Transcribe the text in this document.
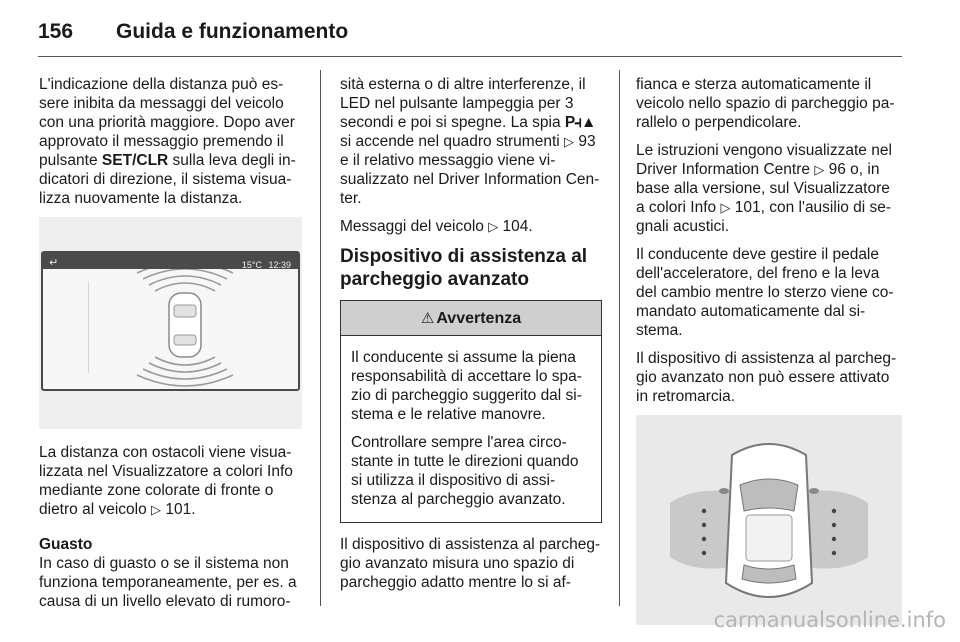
156	Guida e funzionamento

L'indicazione della distanza può es-sere inibita da messaggi del veicolo con una priorità maggiore. Dopo aver approvato il messaggio premendo il pulsante SET/CLR sulla leva degli in-dicatori di direzione, il sistema visua-lizza nuovamente la distanza.

↵	15°C 12:39

La distanza con ostacoli viene visua-lizzata nel Visualizzatore a colori Info mediante zone colorate di fronte o dietro al veicolo ▷ 101.

Guasto

In caso di guasto o se il sistema non funziona temporaneamente, per es. a causa di un livello elevato di rumoro-

sità esterna o di altre interferenze, il LED nel pulsante lampeggia per 3 secondi e poi si spegne. La spia P⫞▲ si accende nel quadro strumenti ▷ 93 e il relativo messaggio viene vi-sualizzato nel Driver Information Cen-ter.

Messaggi del veicolo ▷ 104.

Dispositivo di assistenza al parcheggio avanzato
⚠ Avvertenza

Il conducente si assume la piena responsabilità di accettare lo spa-zio di parcheggio suggerito dal si-stema e le relative manovre.

Controllare sempre l'area circo-stante in tutte le direzioni quando si utilizza il dispositivo di assi-stenza al parcheggio avanzato.

Il dispositivo di assistenza al parcheg-gio avanzato misura uno spazio di parcheggio adatto mentre lo si af-

fianca e sterza automaticamente il veicolo nello spazio di parcheggio pa-rallelo o perpendicolare.

Le istruzioni vengono visualizzate nel Driver Information Centre ▷ 96 o, in base alla versione, sul Visualizzatore a colori Info ▷ 101, con l'ausilio di se-gnali acustici.

Il conducente deve gestire il pedale dell'acceleratore, del freno e la leva del cambio mentre lo sterzo viene co-mandato automaticamente dal si-stema.

Il dispositivo di assistenza al parcheg-gio avanzato non può essere attivato in retromarcia.

carmanualsonline.info
